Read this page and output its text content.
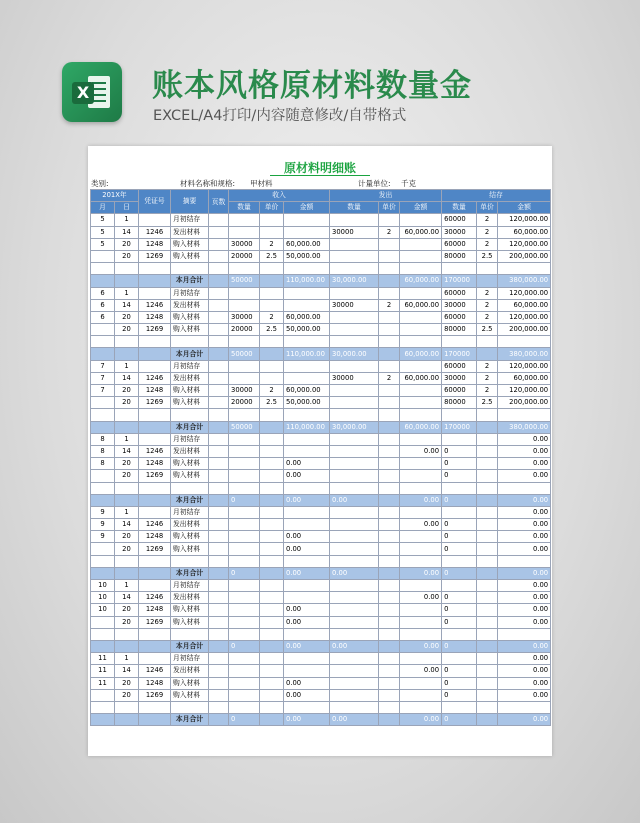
X 账本风格原材料数量金
EXCEL/A4打印/内容随意修改/自带格式
原材料明细账
类别:	材料名称和规格: 甲材料	计量单位: 千克
201X年		凭证号	摘要	页数	收入			发出			结存		
月	日				数量	单价	金额	数量	单价	金额	数量	单价	金额
5	1		月初结存								60000	2	120,000.00
5	14	1246	发出材料					30000	2	60,000.00	30000	2	60,000.00
5	20	1248	购入材料		30000	2	60,000.00				60000	2	120,000.00
	20	1269	购入材料		20000	2.5	50,000.00				80000	2.5	200,000.00

			本月合计		50000		110,000.00	30,000.00		60,000.00	170000		380,000.00
6	1		月初结存								60000	2	120,000.00
6	14	1246	发出材料					30000	2	60,000.00	30000	2	60,000.00
6	20	1248	购入材料		30000	2	60,000.00				60000	2	120,000.00
	20	1269	购入材料		20000	2.5	50,000.00				80000	2.5	200,000.00

			本月合计		50000		110,000.00	30,000.00		60,000.00	170000		380,000.00
7	1		月初结存								60000	2	120,000.00
7	14	1246	发出材料					30000	2	60,000.00	30000	2	60,000.00
7	20	1248	购入材料		30000	2	60,000.00				60000	2	120,000.00
	20	1269	购入材料		20000	2.5	50,000.00				80000	2.5	200,000.00

			本月合计		50000		110,000.00	30,000.00		60,000.00	170000		380,000.00
8	1		月初结存										0.00
8	14	1246	发出材料							0.00	0		0.00
8	20	1248	购入材料				0.00				0		0.00
	20	1269	购入材料				0.00				0		0.00

			本月合计		0		0.00	0.00		0.00	0		0.00
9	1		月初结存										0.00
9	14	1246	发出材料							0.00	0		0.00
9	20	1248	购入材料				0.00				0		0.00
	20	1269	购入材料				0.00				0		0.00

			本月合计		0		0.00	0.00		0.00	0		0.00
10	1		月初结存										0.00
10	14	1246	发出材料							0.00	0		0.00
10	20	1248	购入材料				0.00				0		0.00
	20	1269	购入材料				0.00				0		0.00

			本月合计		0		0.00	0.00		0.00	0		0.00
11	1		月初结存										0.00
11	14	1246	发出材料							0.00	0		0.00
11	20	1248	购入材料				0.00				0		0.00
	20	1269	购入材料				0.00				0		0.00

			本月合计		0		0.00	0.00		0.00	0		0.00
